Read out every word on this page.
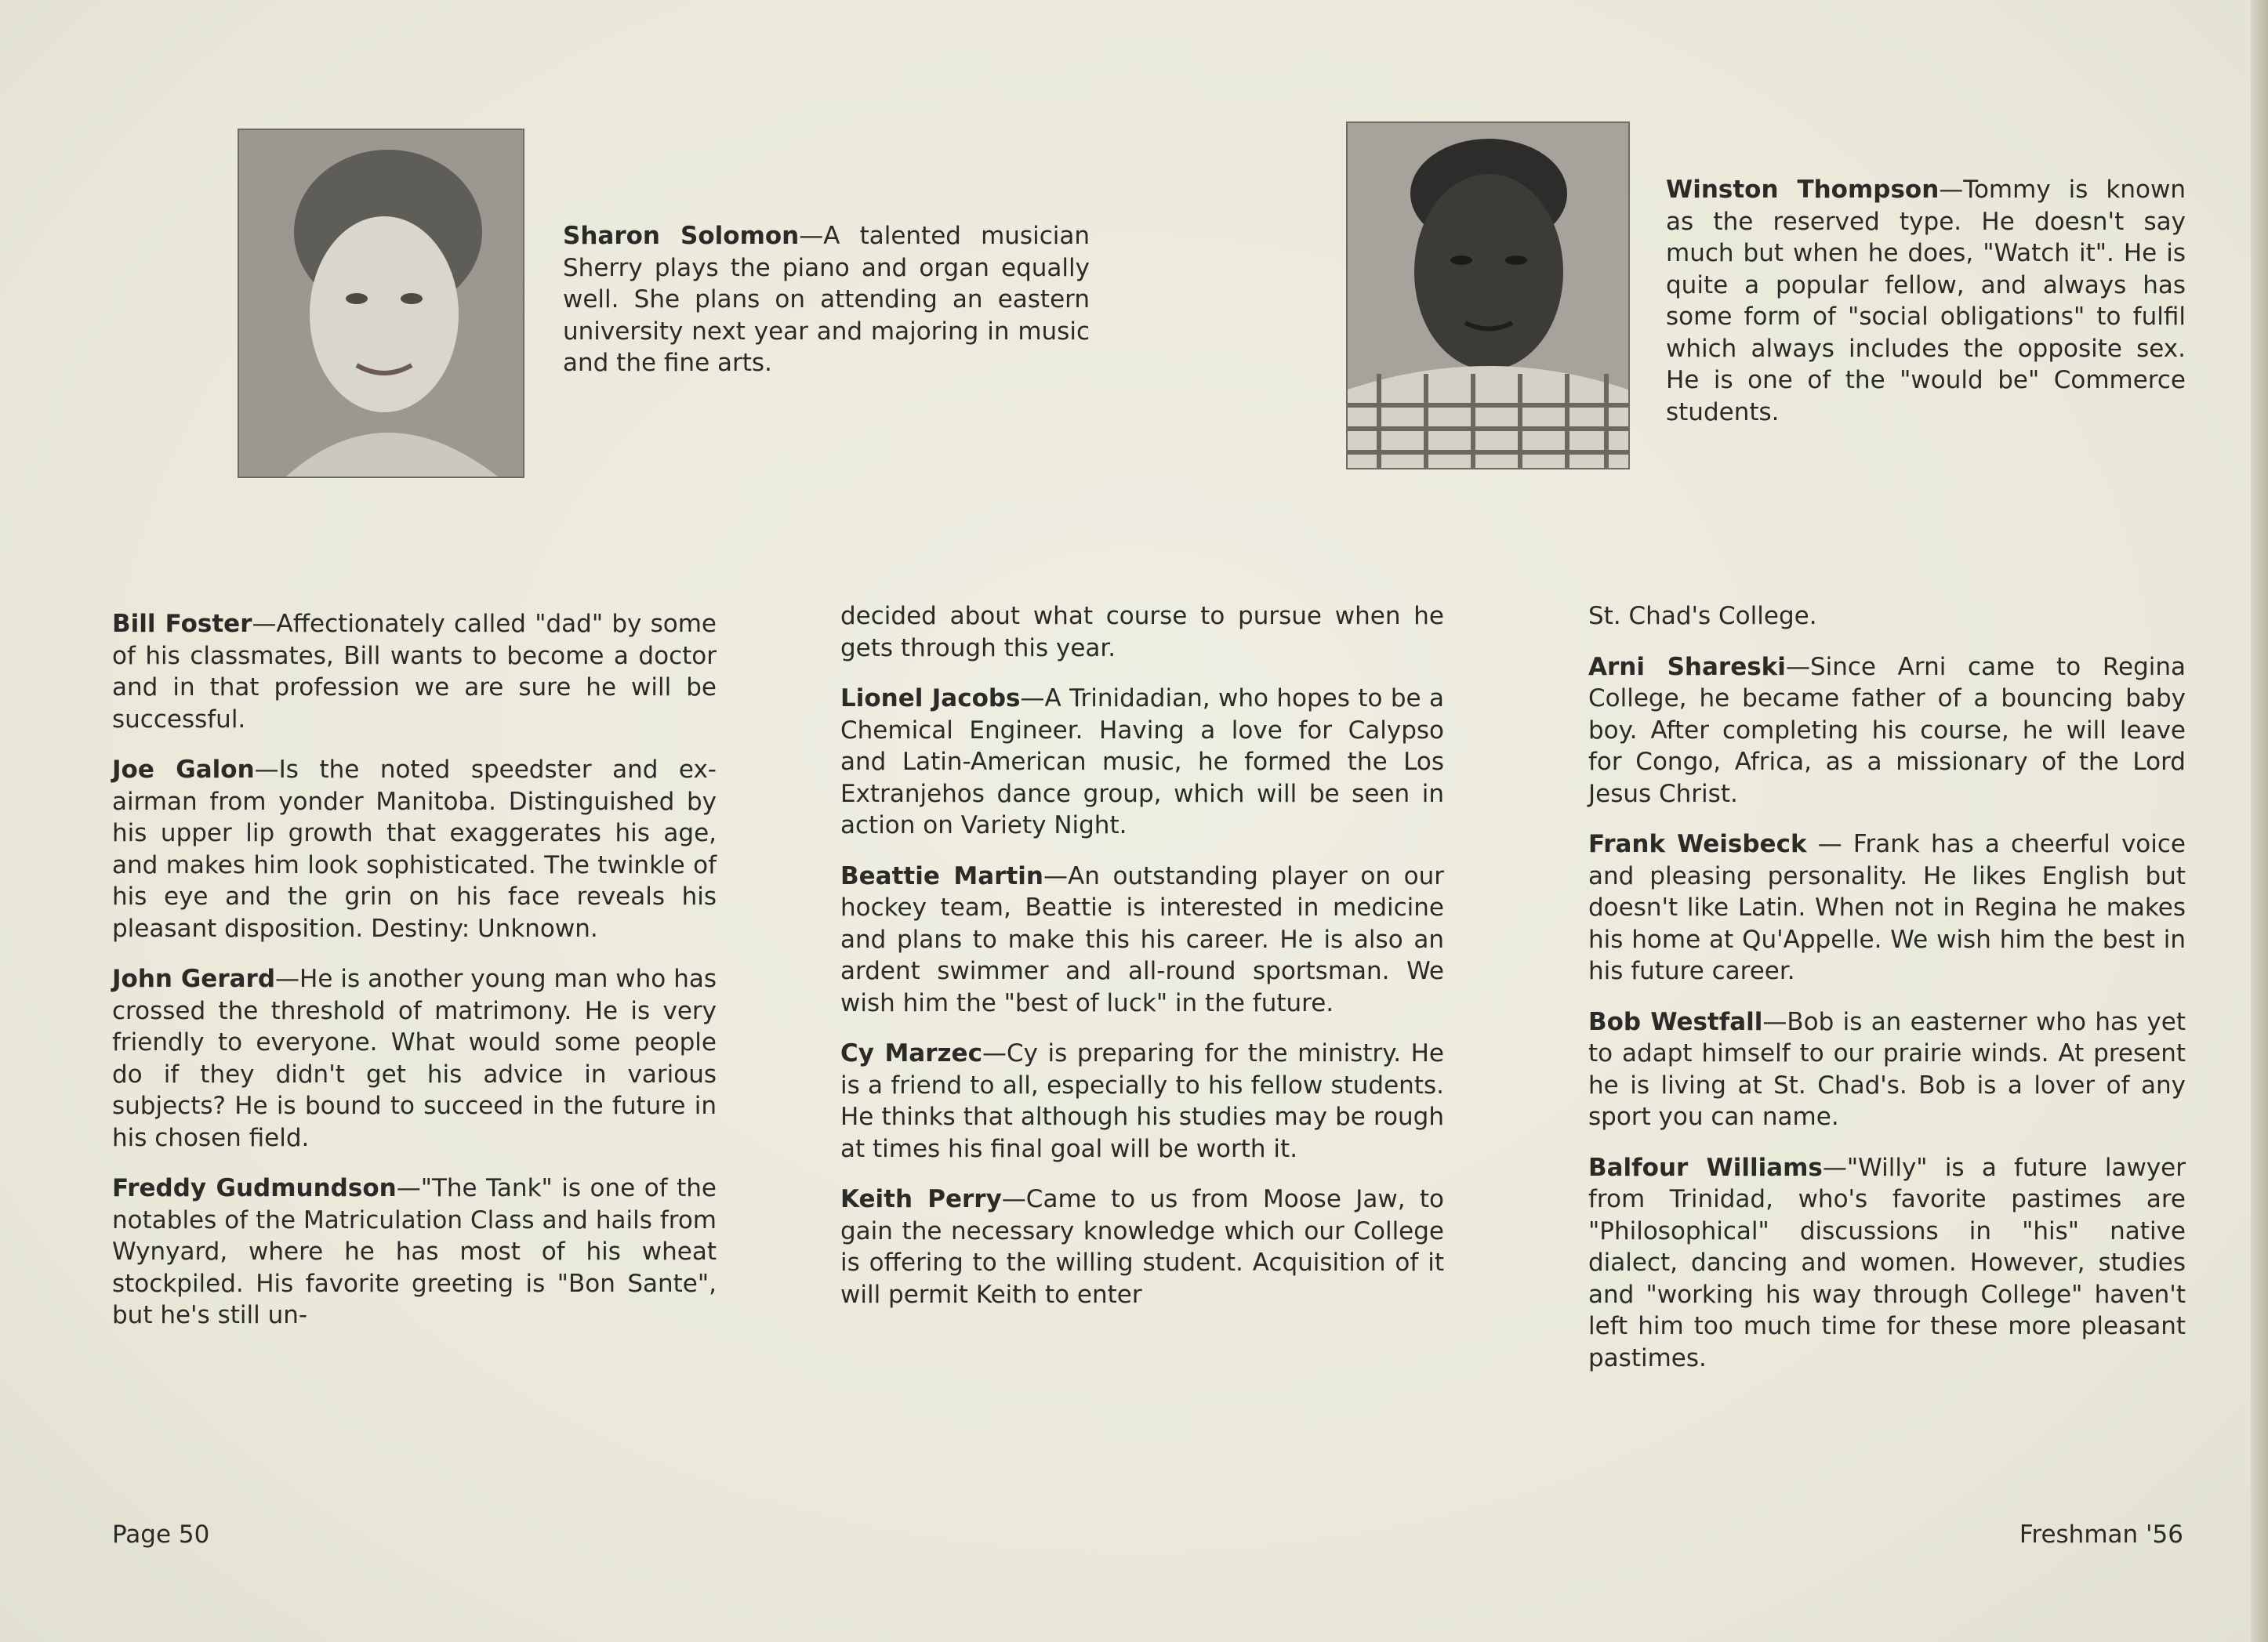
Sharon Solomon—A talented musician Sherry plays the piano and organ equally well. She plans on attending an eastern university next year and majoring in music and the fine arts.
Winston Thompson—Tommy is known as the reserved type. He doesn't say much but when he does, "Watch it". He is quite a popular fellow, and always has some form of "social obligations" to fulfil which always includes the opposite sex. He is one of the "would be" Commerce students.

Bill Foster—Affectionately called "dad" by some of his classmates, Bill wants to become a doctor and in that profession we are sure he will be successful.

Joe Galon—Is the noted speedster and ex-airman from yonder Manitoba. Distinguished by his upper lip growth that exaggerates his age, and makes him look sophisticated. The twinkle of his eye and the grin on his face reveals his pleasant disposition. Destiny: Unknown.

John Gerard—He is another young man who has crossed the threshold of matrimony. He is very friendly to everyone. What would some people do if they didn't get his advice in various subjects? He is bound to succeed in the future in his chosen field.

Freddy Gudmundson—"The Tank" is one of the notables of the Matriculation Class and hails from Wynyard, where he has most of his wheat stockpiled. His favorite greeting is "Bon Sante", but he's still un-

decided about what course to pursue when he gets through this year.

Lionel Jacobs—A Trinidadian, who hopes to be a Chemical Engineer. Having a love for Calypso and Latin-American music, he formed the Los Extranjehos dance group, which will be seen in action on Variety Night.

Beattie Martin—An outstanding player on our hockey team, Beattie is interested in medicine and plans to make this his career. He is also an ardent swimmer and all-round sportsman. We wish him the "best of luck" in the future.

Cy Marzec—Cy is preparing for the ministry. He is a friend to all, especially to his fellow students. He thinks that although his studies may be rough at times his final goal will be worth it.

Keith Perry—Came to us from Moose Jaw, to gain the necessary knowledge which our College is offering to the willing student. Acquisition of it will permit Keith to enter

St. Chad's College.

Arni Shareski—Since Arni came to Regina College, he became father of a bouncing baby boy. After completing his course, he will leave for Congo, Africa, as a missionary of the Lord Jesus Christ.

Frank Weisbeck — Frank has a cheerful voice and pleasing personality. He likes English but doesn't like Latin. When not in Regina he makes his home at Qu'Appelle. We wish him the best in his future career.

Bob Westfall—Bob is an easterner who has yet to adapt himself to our prairie winds. At present he is living at St. Chad's. Bob is a lover of any sport you can name.

Balfour Williams—"Willy" is a future lawyer from Trinidad, who's favorite pastimes are "Philosophical" discussions in "his" native dialect, dancing and women. However, studies and "working his way through College" haven't left him too much time for these more pleasant pastimes.

Page 50	Freshman '56
